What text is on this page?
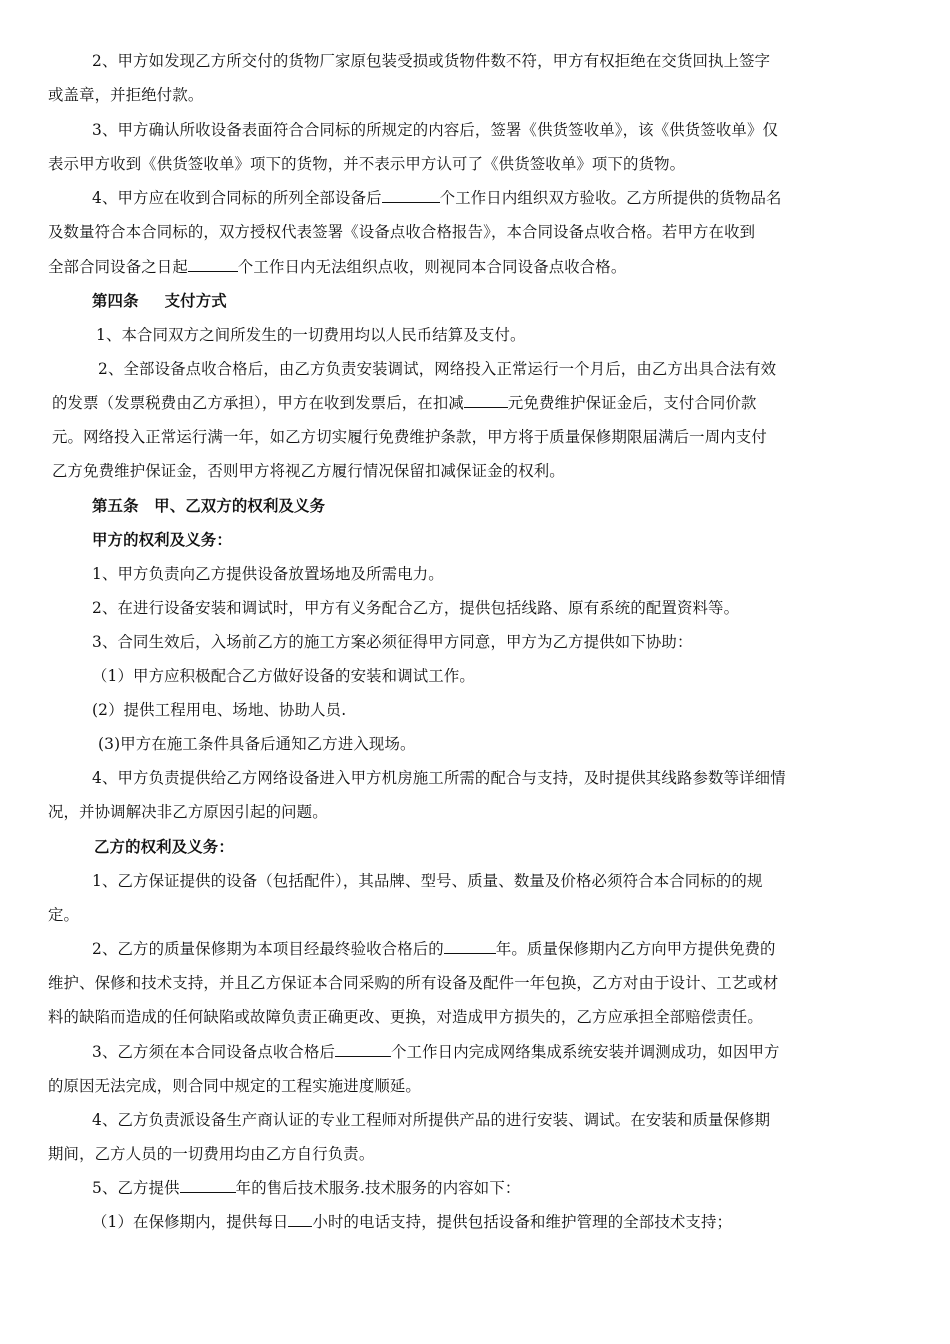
2、甲方如发现乙方所交付的货物厂家原包装受损或货物件数不符，甲方有权拒绝在交货回执上签字
或盖章，并拒绝付款。
3、甲方确认所收设备表面符合合同标的所规定的内容后，签署《供货签收单》，该《供货签收单》仅
表示甲方收到《供货签收单》项下的货物，并不表示甲方认可了《供货签收单》项下的货物。
4、甲方应在收到合同标的所列全部设备后	个工作日内组织双方验收。乙方所提供的货物品名
及数量符合本合同标的，双方授权代表签署《设备点收合格报告》，本合同设备点收合格。若甲方在收到
全部合同设备之日起	个工作日内无法组织点收，则视同本合同设备点收合格。
第四条 支付方式
1、本合同双方之间所发生的一切费用均以人民币结算及支付。
2、全部设备点收合格后，由乙方负责安装调试，网络投入正常运行一个月后，由乙方出具合法有效
的发票（发票税费由乙方承担），甲方在收到发票后，在扣减	元免费维护保证金后，支付合同价款
元。网络投入正常运行满一年，如乙方切实履行免费维护条款，甲方将于质量保修期限届满后一周内支付
乙方免费维护保证金，否则甲方将视乙方履行情况保留扣减保证金的权利。
第五条　甲、乙双方的权利及义务
甲方的权利及义务：
1、甲方负责向乙方提供设备放置场地及所需电力。
2、在进行设备安装和调试时，甲方有义务配合乙方，提供包括线路、原有系统的配置资料等。
3、合同生效后，入场前乙方的施工方案必须征得甲方同意，甲方为乙方提供如下协助：
（1）甲方应积极配合乙方做好设备的安装和调试工作。
(2）提供工程用电、场地、协助人员.
(3)甲方在施工条件具备后通知乙方进入现场。
4、甲方负责提供给乙方网络设备进入甲方机房施工所需的配合与支持，及时提供其线路参数等详细情
况，并协调解决非乙方原因引起的问题。
乙方的权利及义务：
1、乙方保证提供的设备（包括配件），其品牌、型号、质量、数量及价格必须符合本合同标的的规
定。
2、乙方的质量保修期为本项目经最终验收合格后的	年。质量保修期内乙方向甲方提供免费的
维护、保修和技术支持，并且乙方保证本合同采购的所有设备及配件一年包换，乙方对由于设计、工艺或材
料的缺陷而造成的任何缺陷或故障负责正确更改、更换，对造成甲方损失的，乙方应承担全部赔偿责任。
3、乙方须在本合同设备点收合格后	个工作日内完成网络集成系统安装并调测成功，如因甲方
的原因无法完成，则合同中规定的工程实施进度顺延。
4、乙方负责派设备生产商认证的专业工程师对所提供产品的进行安装、调试。在安装和质量保修期
期间，乙方人员的一切费用均由乙方自行负责。
5、乙方提供	年的售后技术服务.技术服务的内容如下：
（1）在保修期内，提供每日 小时的电话支持，提供包括设备和维护管理的全部技术支持；
